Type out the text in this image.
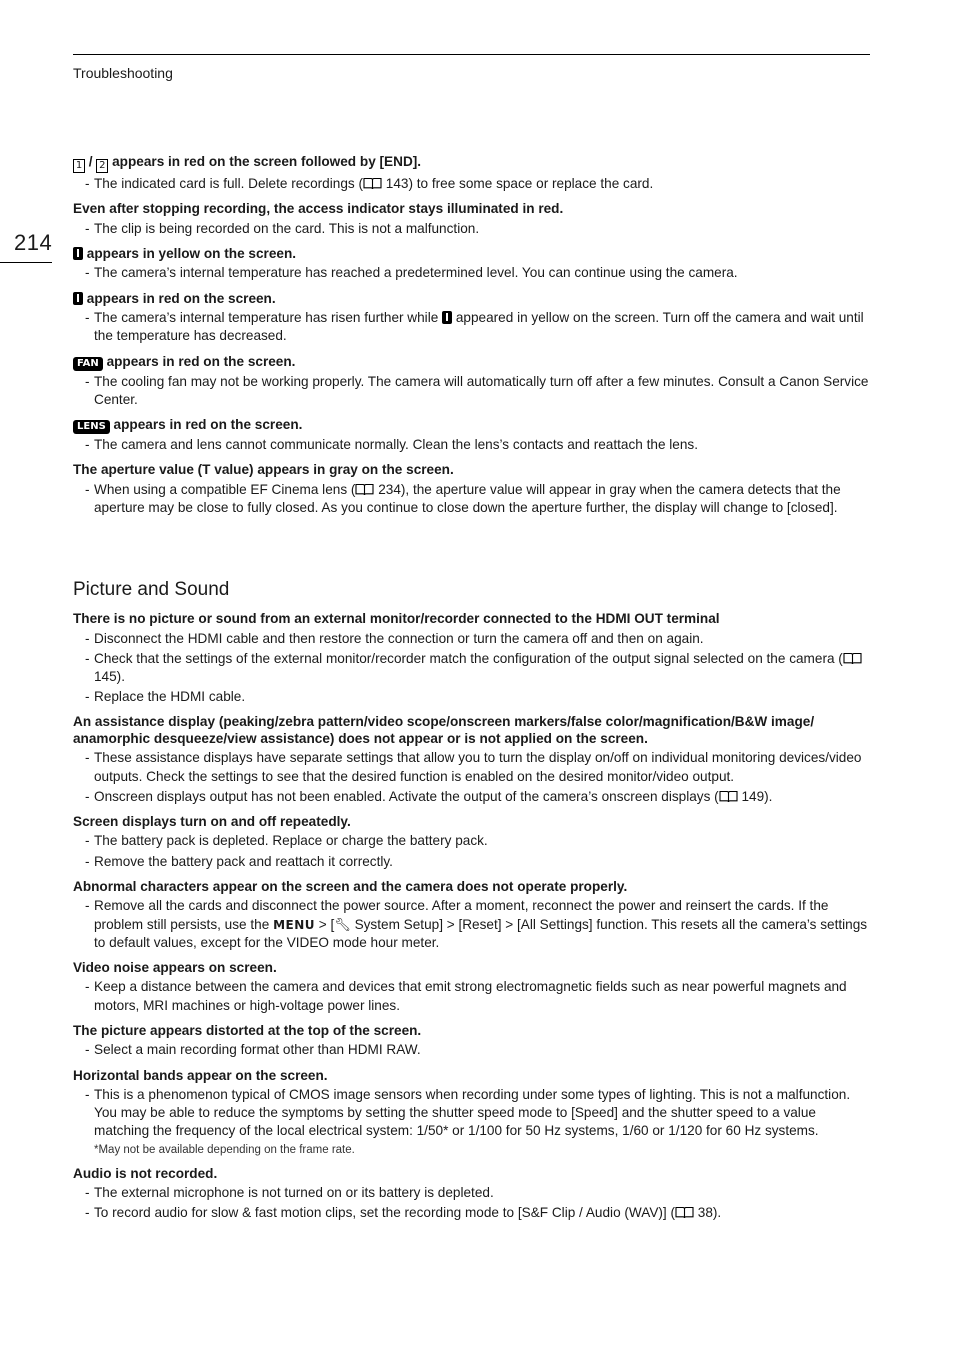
Troubleshooting
214
1 / 2 appears in red on the screen followed by [END].
- The indicated card is full. Delete recordings ( 143) to free some space or replace the card.
Even after stopping recording, the access indicator stays illuminated in red.
- The clip is being recorded on the card. This is not a malfunction.
appears in yellow on the screen.
- The camera’s internal temperature has reached a predetermined level. You can continue using the camera.
appears in red on the screen.
- The camera’s internal temperature has risen further while  appeared in yellow on the screen. Turn off the camera and wait until the temperature has decreased.
FAN appears in red on the screen.
- The cooling fan may not be working properly. The camera will automatically turn off after a few minutes. Consult a Canon Service Center.
LENS appears in red on the screen.
- The camera and lens cannot communicate normally. Clean the lens’s contacts and reattach the lens.
The aperture value (T value) appears in gray on the screen.
- When using a compatible EF Cinema lens ( 234), the aperture value will appear in gray when the camera detects that the aperture may be close to fully closed. As you continue to close down the aperture further, the display will change to [closed].
Picture and Sound
There is no picture or sound from an external monitor/recorder connected to the HDMI OUT terminal
- Disconnect the HDMI cable and then restore the connection or turn the camera off and then on again.
- Check that the settings of the external monitor/recorder match the configuration of the output signal selected on the camera ( 145).
- Replace the HDMI cable.
An assistance display (peaking/zebra pattern/video scope/onscreen markers/false color/magnification/B&W image/ anamorphic desqueeze/view assistance) does not appear or is not applied on the screen.
- These assistance displays have separate settings that allow you to turn the display on/off on individual monitoring devices/video outputs. Check the settings to see that the desired function is enabled on the desired monitor/video output.
- Onscreen displays output has not been enabled. Activate the output of the camera’s onscreen displays ( 149).
Screen displays turn on and off repeatedly.
- The battery pack is depleted. Replace or charge the battery pack.
- Remove the battery pack and reattach it correctly.
Abnormal characters appear on the screen and the camera does not operate properly.
- Remove all the cards and disconnect the power source. After a moment, reconnect the power and reinsert the cards. If the problem still persists, use the MENU > [🔧︎ System Setup] > [Reset] > [All Settings] function. This resets all the camera’s settings to default values, except for the VIDEO mode hour meter.
Video noise appears on screen.
- Keep a distance between the camera and devices that emit strong electromagnetic fields such as near powerful magnets and motors, MRI machines or high-voltage power lines.
The picture appears distorted at the top of the screen.
- Select a main recording format other than HDMI RAW.
Horizontal bands appear on the screen.
- This is a phenomenon typical of CMOS image sensors when recording under some types of lighting. This is not a malfunction. You may be able to reduce the symptoms by setting the shutter speed mode to [Speed] and the shutter speed to a value matching the frequency of the local electrical system: 1/50* or 1/100 for 50 Hz systems, 1/60 or 1/120 for 60 Hz systems.
*May not be available depending on the frame rate.
Audio is not recorded.
- The external microphone is not turned on or its battery is depleted.
- To record audio for slow & fast motion clips, set the recording mode to [S&F Clip / Audio (WAV)] ( 38).
